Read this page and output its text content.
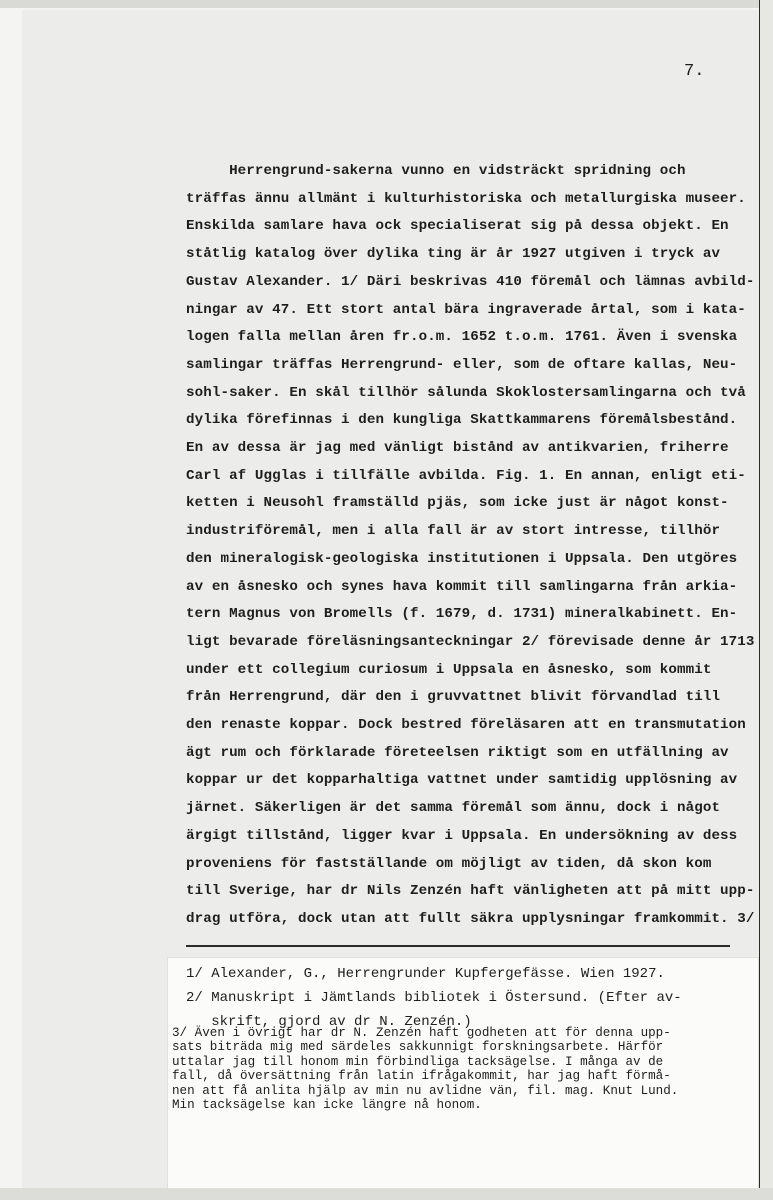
7.
Herrengrund-sakerna vunno en vidsträckt spridning och
träffas ännu allmänt i kulturhistoriska och metallurgiska museer.
Enskilda samlare hava ock specialiserat sig på dessa objekt. En
ståtlig katalog över dylika ting är år 1927 utgiven i tryck av
Gustav Alexander. 1/ Däri beskrivas 410 föremål och lämnas avbild-
ningar av 47. Ett stort antal bära ingraverade årtal, som i kata-
logen falla mellan åren fr.o.m. 1652 t.o.m. 1761. Även i svenska
samlingar träffas Herrengrund- eller, som de oftare kallas, Neu-
sohl-saker. En skål tillhör sålunda Skoklostersamlingarna och två
dylika förefinnas i den kungliga Skattkammarens föremålsbestånd.
En av dessa är jag med vänligt bistånd av antikvarien, friherre
Carl af Ugglas i tillfälle avbilda. Fig. 1. En annan, enligt eti-
ketten i Neusohl framställd pjäs, som icke just är något konst-
industriföremål, men i alla fall är av stort intresse, tillhör
den mineralogisk-geologiska institutionen i Uppsala. Den utgöres
av en åsnesko och synes hava kommit till samlingarna från arkia-
tern Magnus von Bromells (f. 1679, d. 1731) mineralkabinett. En-
ligt bevarade föreläsningsanteckningar 2/ förevisade denne år 1713
under ett collegium curiosum i Uppsala en åsnesko, som kommit
från Herrengrund, där den i gruvvattnet blivit förvandlad till
den renaste koppar. Dock bestred föreläsaren att en transmutation
ägt rum och förklarade företeelsen riktigt som en utfällning av
koppar ur det kopparhaltiga vattnet under samtidig upplösning av
järnet. Säkerligen är det samma föremål som ännu, dock i något
ärgigt tillstånd, ligger kvar i Uppsala. En undersökning av dess
proveniens för fastställande om möjligt av tiden, då skon kom
till Sverige, har dr Nils Zenzén haft vänligheten att på mitt upp-
drag utföra, dock utan att fullt säkra upplysningar framkommit. 3/
1/ Alexander, G., Herrengrunder Kupfergefässe. Wien 1927.
2/ Manuskript i Jämtlands bibliotek i Östersund. (Efter av-
skrift, gjord av dr N. Zenzén.)
3/ Även i övrigt har dr N. Zenzén haft godheten att för denna upp-
sats biträda mig med särdeles sakkunnigt forskningsarbete. Härför
uttalar jag till honom min förbindliga tacksägelse. I många av de
fall, då översättning från latin ifrågakommit, har jag haft förmå-
nen att få anlita hjälp av min nu avlidne vän, fil. mag. Knut Lund.
Min tacksägelse kan icke längre nå honom.
